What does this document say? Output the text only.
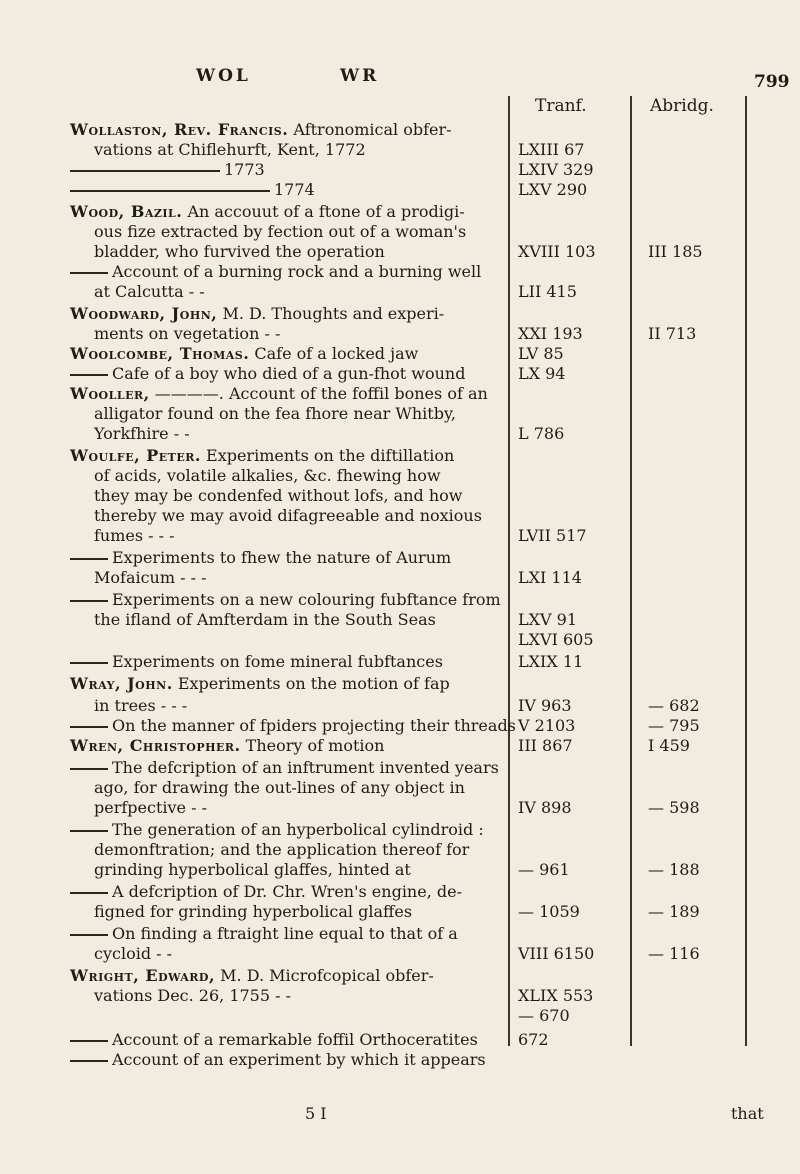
WOL	WR	799
Tranf.	Abridg.
Wollaston, Rev. Francis. Aftronomical obfer-
vations at Chiflehurft, Kent, 1772	LXIII 67
1773	LXIV 329
1774	LXV 290
Wood, Bazil. An accouut of a ftone of a prodigi-
ous fize extracted by fection out of a woman's
bladder, who furvived the operation	XVIII 103	III 185
Account of a burning rock and a burning well
at Calcutta - -	LII 415
Woodward, John, M. D. Thoughts and experi-
ments on vegetation - -	XXI 193	II 713
Woolcombe, Thomas. Cafe of a locked jaw	LV 85
Cafe of a boy who died of a gun-fhot wound	LX 94
Wooller, ————. Account of the foffil bones of an
alligator found on the fea fhore near Whitby,
Yorkfhire - -	L 786
Woulfe, Peter. Experiments on the diftillation
of acids, volatile alkalies, &c. fhewing how
they may be condenfed without lofs, and how
thereby we may avoid difagreeable and noxious
fumes - - -	LVII 517
Experiments to fhew the nature of Aurum
Mofaicum - - -	LXI 114
Experiments on a new colouring fubftance from
the ifland of Amfterdam in the South Seas	LXV 91
LXVI 605
Experiments on fome mineral fubftances	LXIX 11
Wray, John. Experiments on the motion of fap
in trees - - -	IV 963	— 682
On the manner of fpiders projecting their threads V 2103	— 795
Wren, Christopher. Theory of motion	III 867	I 459
The defcription of an inftrument invented years
ago, for drawing the out-lines of any object in
perfpective - -	IV 898	— 598
The generation of an hyperbolical cylindroid :
demonftration; and the application thereof for
grinding hyperbolical glaffes, hinted at	— 961	— 188
A defcription of Dr. Chr. Wren's engine, de-
figned for grinding hyperbolical glaffes	— 1059	— 189
On finding a ftraight line equal to that of a
cycloid - -	VIII 6150	— 116
Wright, Edward, M. D. Microfcopical obfer-
vations Dec. 26, 1755 - -	XLIX 553
— 670
Account of a remarkable foffil Orthoceratites	672
Account of an experiment by which it appears
5 I	that
